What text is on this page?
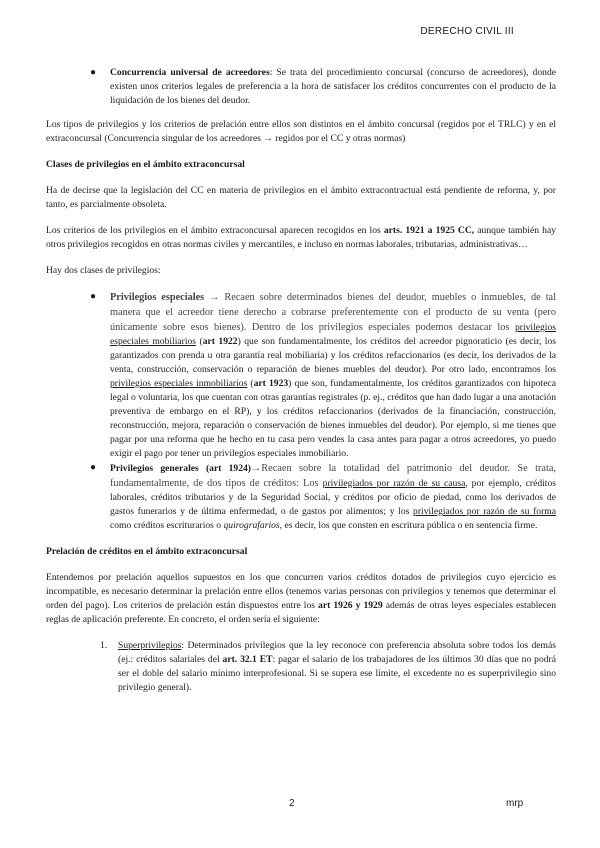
DERECHO CIVIL III
● Concurrencia universal de acreedores: Se trata del procedimiento concursal (concurso de acreedores), donde existen unos criterios legales de preferencia a la hora de satisfacer los créditos concurrentes con el producto de la liquidación de los bienes del deudor.

Los tipos de privilegios y los criterios de prelación entre ellos son distintos en el ámbito concursal (regidos por el TRLC) y en el extraconcursal (Concurrencia singular de los acreedores → regidos por el CC y otras normas)

Clases de privilegios en el ámbito extraconcursal

Ha de decirse que la legislación del CC en materia de privilegios en el ámbito extracontractual está pendiente de reforma, y, por tanto, es parcialmente obsoleta.

Los criterios de los privilegios en el ámbito extraconcursal aparecen recogidos en los arts. 1921 a 1925 CC, aunque también hay otros privilegios recogidos en otras normas civiles y mercantiles, e incluso en normas laborales, tributarias, administrativas…

Hay dos clases de privilegios:

● Privilegios especiales → Recaen sobre determinados bienes del deudor, muebles o inmuebles, de tal manera que el acreedor tiene derecho a cobrarse preferentemente con el producto de su venta (pero únicamente sobre esos bienes). Dentro de los privilegios especiales podemos destacar los privilegios especiales mobiliarios (art 1922) que son fundamentalmente, los créditos del acreedor pignoraticio (es decir, los garantizados con prenda u otra garantía real mobiliaria) y los créditos refaccionarios (es decir, los derivados de la venta, construcción, conservación o reparación de bienes muebles del deudor). Por otro lado, encontramos los privilegios especiales inmobiliarios (art 1923) que son, fundamentalmente, los créditos garantizados con hipoteca legal o voluntaria, los que cuentan con otras garantías registrales (p. ej., créditos que han dado lugar a una anotación preventiva de embargo en el RP), y los créditos refaccionarios (derivados de la financiación, construcción, reconstrucción, mejora, reparación o conservación de bienes inmuebles del deudor). Por ejemplo, si me tienes que pagar por una reforma que he hecho en tu casa pero vendes la casa antes para pagar a otros acreedores, yo puedo exigir el pago por tener un privilegios especiales inmobiliario.
● Privilegios generales (art 1924)→Recaen sobre la totalidad del patrimonio del deudor. Se trata, fundamentalmente, de dos tipos de créditos: Los privilegiados por razón de su causa, por ejemplo, créditos laborales, créditos tributarios y de la Seguridad Social, y créditos por oficio de piedad, como los derivados de gastos funerarios y de última enfermedad, o de gastos por alimentos; y los privilegiados por razón de su forma como créditos escriturarios o quirografarios, es decir, los que consten en escritura pública o en sentencia firme.

Prelación de créditos en el ámbito extraconcursal

Entendemos por prelación aquellos supuestos en los que concurren varios créditos dotados de privilegios cuyo ejercicio es incompatible, es necesario determinar la prelación entre ellos (tenemos varias personas con privilegios y tenemos que determinar el orden del pago). Los criterios de prelación están dispuestos entre los art 1926 y 1929 además de otras leyes especiales establecen reglas de aplicación preferente. En concreto, el orden sería el siguiente:

1. Superprivilegios: Determinados privilegios que la ley reconoce con preferencia absoluta sobre todos los demás (ej.: créditos salariales del art. 32.1 ET: pagar el salario de los trabajadores de los últimos 30 días que no podrá ser el doble del salario mínimo interprofesional. Si se supera ese límite, el excedente no es superprivilegio sino privilegio general).
2	mrp
